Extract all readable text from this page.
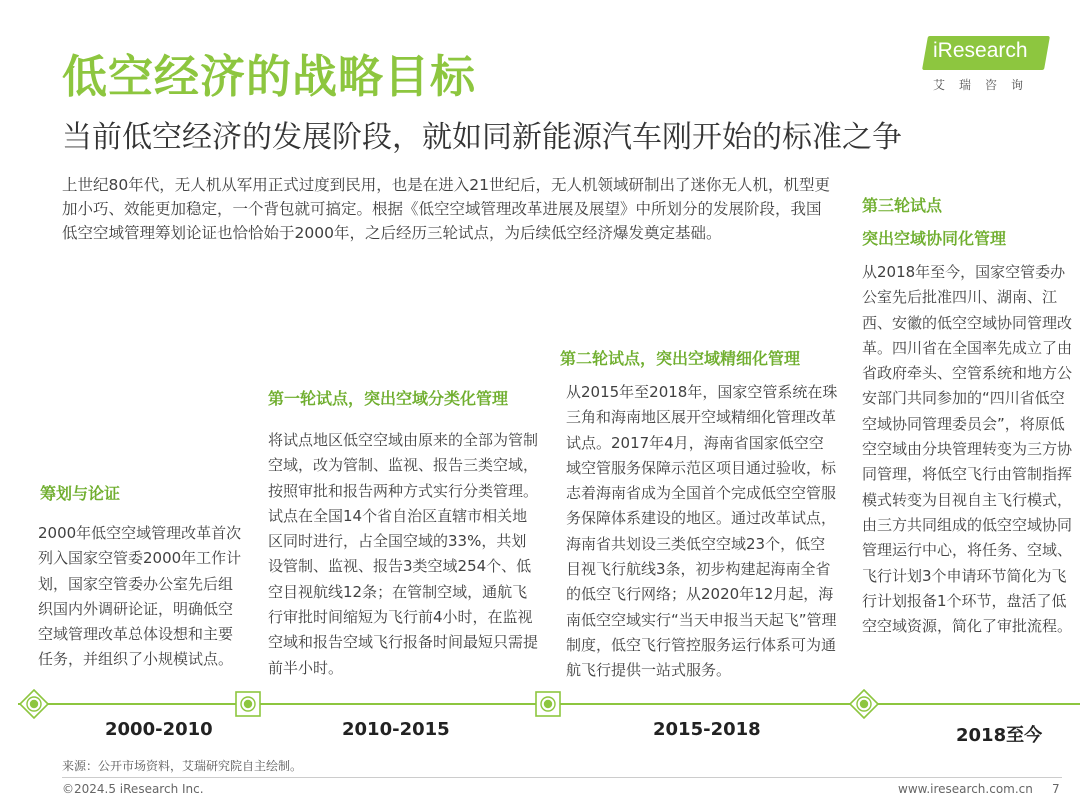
低空经济的战略目标
当前低空经济的发展阶段，就如同新能源汽车刚开始的标准之争
iResearch
艾瑞咨询
上世纪80年代，无人机从军用正式过度到民用，也是在进入21世纪后，无人机领域研制出了迷你无人机，机型更加小巧、效能更加稳定，一个背包就可搞定。根据《低空空域管理改革进展及展望》中所划分的发展阶段，我国低空空域管理筹划论证也恰恰始于2000年，之后经历三轮试点，为后续低空经济爆发奠定基础。
筹划与论证
2000年低空空域管理改革首次列入国家空管委2000年工作计划，国家空管委办公室先后组织国内外调研论证，明确低空空域管理改革总体设想和主要任务，并组织了小规模试点。
第一轮试点，突出空域分类化管理
将试点地区低空空域由原来的全部为管制空域，改为管制、监视、报告三类空域，按照审批和报告两种方式实行分类管理。试点在全国14个省自治区直辖市相关地区同时进行，占全国空域的33%，共划设管制、监视、报告3类空域254个、低空目视航线12条；在管制空域，通航飞行审批时间缩短为飞行前4小时，在监视空域和报告空域飞行报备时间最短只需提前半小时。
第二轮试点，突出空域精细化管理
从2015年至2018年，国家空管系统在珠三角和海南地区展开空域精细化管理改革试点。2017年4月，海南省国家低空空域空管服务保障示范区项目通过验收，标志着海南省成为全国首个完成低空空管服务保障体系建设的地区。通过改革试点，海南省共划设三类低空空域23个，低空目视飞行航线3条，初步构建起海南全省的低空飞行网络；从2020年12月起，海南低空空域实行“当天申报当天起飞”管理制度，低空飞行管控服务运行体系可为通航飞行提供一站式服务。
第三轮试点
突出空域协同化管理
从2018年至今，国家空管委办公室先后批准四川、湖南、江西、安徽的低空空域协同管理改革。四川省在全国率先成立了由省政府牵头、空管系统和地方公安部门共同参加的“四川省低空空域协同管理委员会”，将原低空空域由分块管理转变为三方协同管理，将低空飞行由管制指挥模式转变为目视自主飞行模式，由三方共同组成的低空空域协同管理运行中心，将任务、空域、飞行计划3个申请环节简化为飞行计划报备1个环节，盘活了低空空域资源，简化了审批流程。
2000-2010	2010-2015	2015-2018	2018至今
来源：公开市场资料，艾瑞研究院自主绘制。
©2024.5 iResearch Inc.	www.iresearch.com.cn 7
